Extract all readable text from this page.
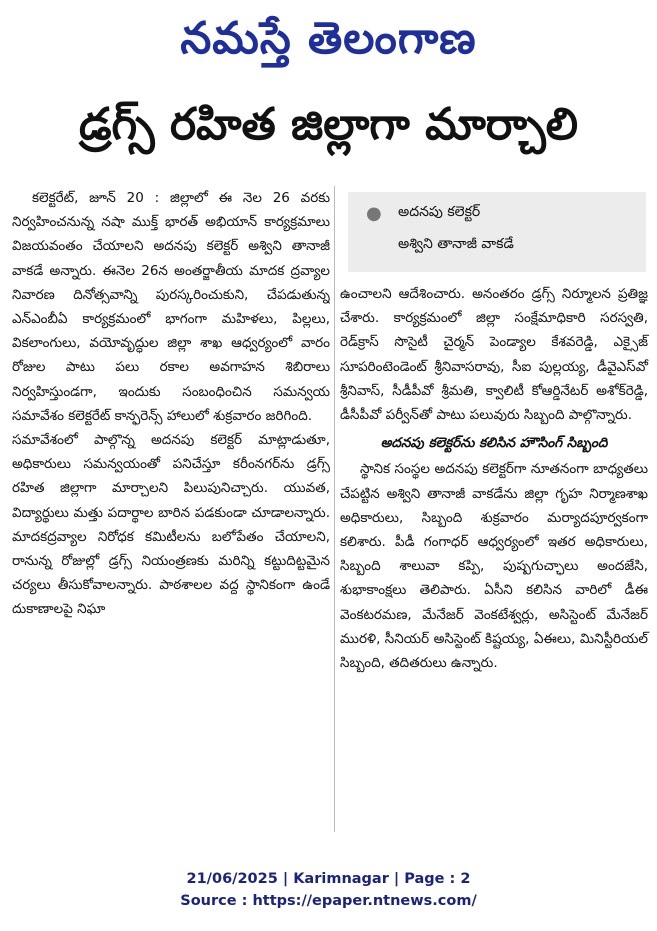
నమస్తే తెలంగాణ
డ్రగ్స్ రహిత జిల్లాగా మార్చాలి

కలెక్టరేట్, జూన్ 20 : జిల్లాలో ఈ నెల 26 వరకు నిర్వహించనున్న నషా ముక్త్ భారత్ అభియాన్ కార్యక్రమాలు విజయవంతం చేయాలని అదనపు కలెక్టర్ అశ్విని తానాజీ వాకడే అన్నారు. ఈనెల 26న అంతర్జాతీయ మాదక ద్రవ్యాల నివారణ దినోత్సవాన్ని పురస్కరించుకుని, చేపడుతున్న ఎన్ఎంబీఏ కార్యక్రమంలో భాగంగా మహిళలు, పిల్లలు, వికలాంగులు, వయోవృద్ధుల జిల్లా శాఖ ఆధ్వర్యంలో వారం రోజుల పాటు పలు రకాల అవగాహన శిబిరాలు నిర్వహిస్తుండగా, ఇందుకు సంబంధించిన సమన్వయ సమావేశం కలెక్టరేట్ కాన్ఫరెన్స్ హాలులో శుక్రవారం జరిగింది.

సమావేశంలో పాల్గొన్న అదనపు కలెక్టర్ మాట్లాడుతూ, అధికారులు సమన్వయంతో పనిచేస్తూ కరీంనగర్‌ను డ్రగ్స్ రహిత జిల్లాగా మార్చాలని పిలుపునిచ్చారు. యువత, విద్యార్థులు మత్తు పదార్థాల బారిన పడకుండా చూడాలన్నారు. మాదకద్రవ్యాల నిరోధక కమిటీలను బలోపేతం చేయాలని, రానున్న రోజుల్లో డ్రగ్స్ నియంత్రణకు మరిన్ని కట్టుదిట్టమైన చర్యలు తీసుకోవాలన్నారు. పాఠశాలల వద్ద స్థానికంగా ఉండే దుకాణాలపై నిఘా

● అదనపు కలెక్టర్
అశ్విని తానాజీ వాకడే

ఉంచాలని ఆదేశించారు. అనంతరం డ్రగ్స్ నిర్మూలన ప్రతిజ్ఞ చేశారు. కార్యక్రమంలో జిల్లా సంక్షేమాధికారి సరస్వతి, రెడ్‌క్రాస్ సొసైటీ చైర్మన్ పెండ్యాల కేశవరెడ్డి, ఎక్సైజ్ సూపరింటెండెంట్ శ్రీనివాసరావు, సీఐ పుల్లయ్య, డీవైఎస్‌వో శ్రీనివాస్, సీడీపీవో శ్రీమతి, క్వాలిటీ కోఆర్డినేటర్ అశోక్‌రెడ్డి, డీసీపీవో పర్వీన్‌తో పాటు పలువురు సిబ్బంది పాల్గొన్నారు.

అదనపు కలెక్టర్‌ను కలిసిన హౌసింగ్ సిబ్బంది

స్థానిక సంస్థల అదనపు కలెక్టర్‌గా నూతనంగా బాధ్యతలు చేపట్టిన అశ్విని తానాజీ వాకడేను జిల్లా గృహ నిర్మాణశాఖ అధికారులు, సిబ్బంది శుక్రవారం మర్యాదపూర్వకంగా కలిశారు. పీడీ గంగాధర్ ఆధ్వర్యంలో ఇతర అధికారులు, సిబ్బంది శాలువా కప్పి, పుష్పగుచ్ఛాలు అందజేసి, శుభాకాంక్షలు తెలిపారు. ఏసీని కలిసిన వారిలో డీఈ వెంకటరమణ, మేనేజర్ వెంకటేశ్వర్లు, అసిస్టెంట్ మేనేజర్ మురళి, సీనియర్ అసిస్టెంట్ కిష్టయ్య, ఏఈలు, మినిస్టీరియల్ సిబ్బంది, తదితరులు ఉన్నారు.

21/06/2025 | Karimnagar | Page : 2
Source : https://epaper.ntnews.com/
